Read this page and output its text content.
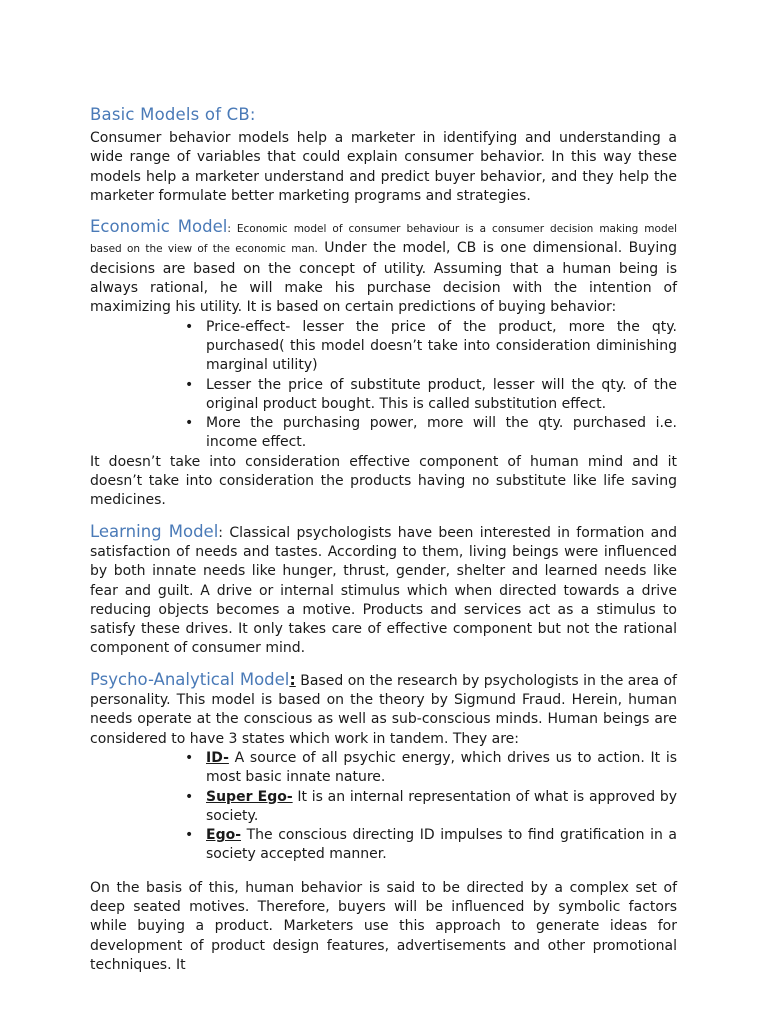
Basic Models of CB:

Consumer behavior models help a marketer in identifying and understanding a wide range of variables that could explain consumer behavior. In this way these models help a marketer understand and predict buyer behavior, and they help the marketer formulate better marketing programs and strategies.

Economic Model: Economic model of consumer behaviour is a consumer decision making model based on the view of the economic man. Under the model, CB is one dimensional. Buying decisions are based on the concept of utility. Assuming that a human being is always rational, he will make his purchase decision with the intention of maximizing his utility. It is based on certain predictions of buying behavior:

• Price-effect- lesser the price of the product, more the qty. purchased( this model doesn’t take into consideration diminishing marginal utility)
• Lesser the price of substitute product, lesser will the qty. of the original product bought. This is called substitution effect.
• More the purchasing power, more will the qty. purchased i.e. income effect.

It doesn’t take into consideration effective component of human mind and it doesn’t take into consideration the products having no substitute like life saving medicines.

Learning Model: Classical psychologists have been interested in formation and satisfaction of needs and tastes. According to them, living beings were influenced by both innate needs like hunger, thrust, gender, shelter and learned needs like fear and guilt. A drive or internal stimulus which when directed towards a drive reducing objects becomes a motive. Products and services act as a stimulus to satisfy these drives. It only takes care of effective component but not the rational component of consumer mind.

Psycho-Analytical Model: Based on the research by psychologists in the area of personality. This model is based on the theory by Sigmund Fraud. Herein, human needs operate at the conscious as well as sub-conscious minds. Human beings are considered to have 3 states which work in tandem. They are:

• ID- A source of all psychic energy, which drives us to action. It is most basic innate nature.
• Super Ego- It is an internal representation of what is approved by society.
• Ego- The conscious directing ID impulses to find gratification in a society accepted manner.

On the basis of this, human behavior is said to be directed by a complex set of deep seated motives. Therefore, buyers will be influenced by symbolic factors while buying a product. Marketers use this approach to generate ideas for development of product design features, advertisements and other promotional techniques. It
